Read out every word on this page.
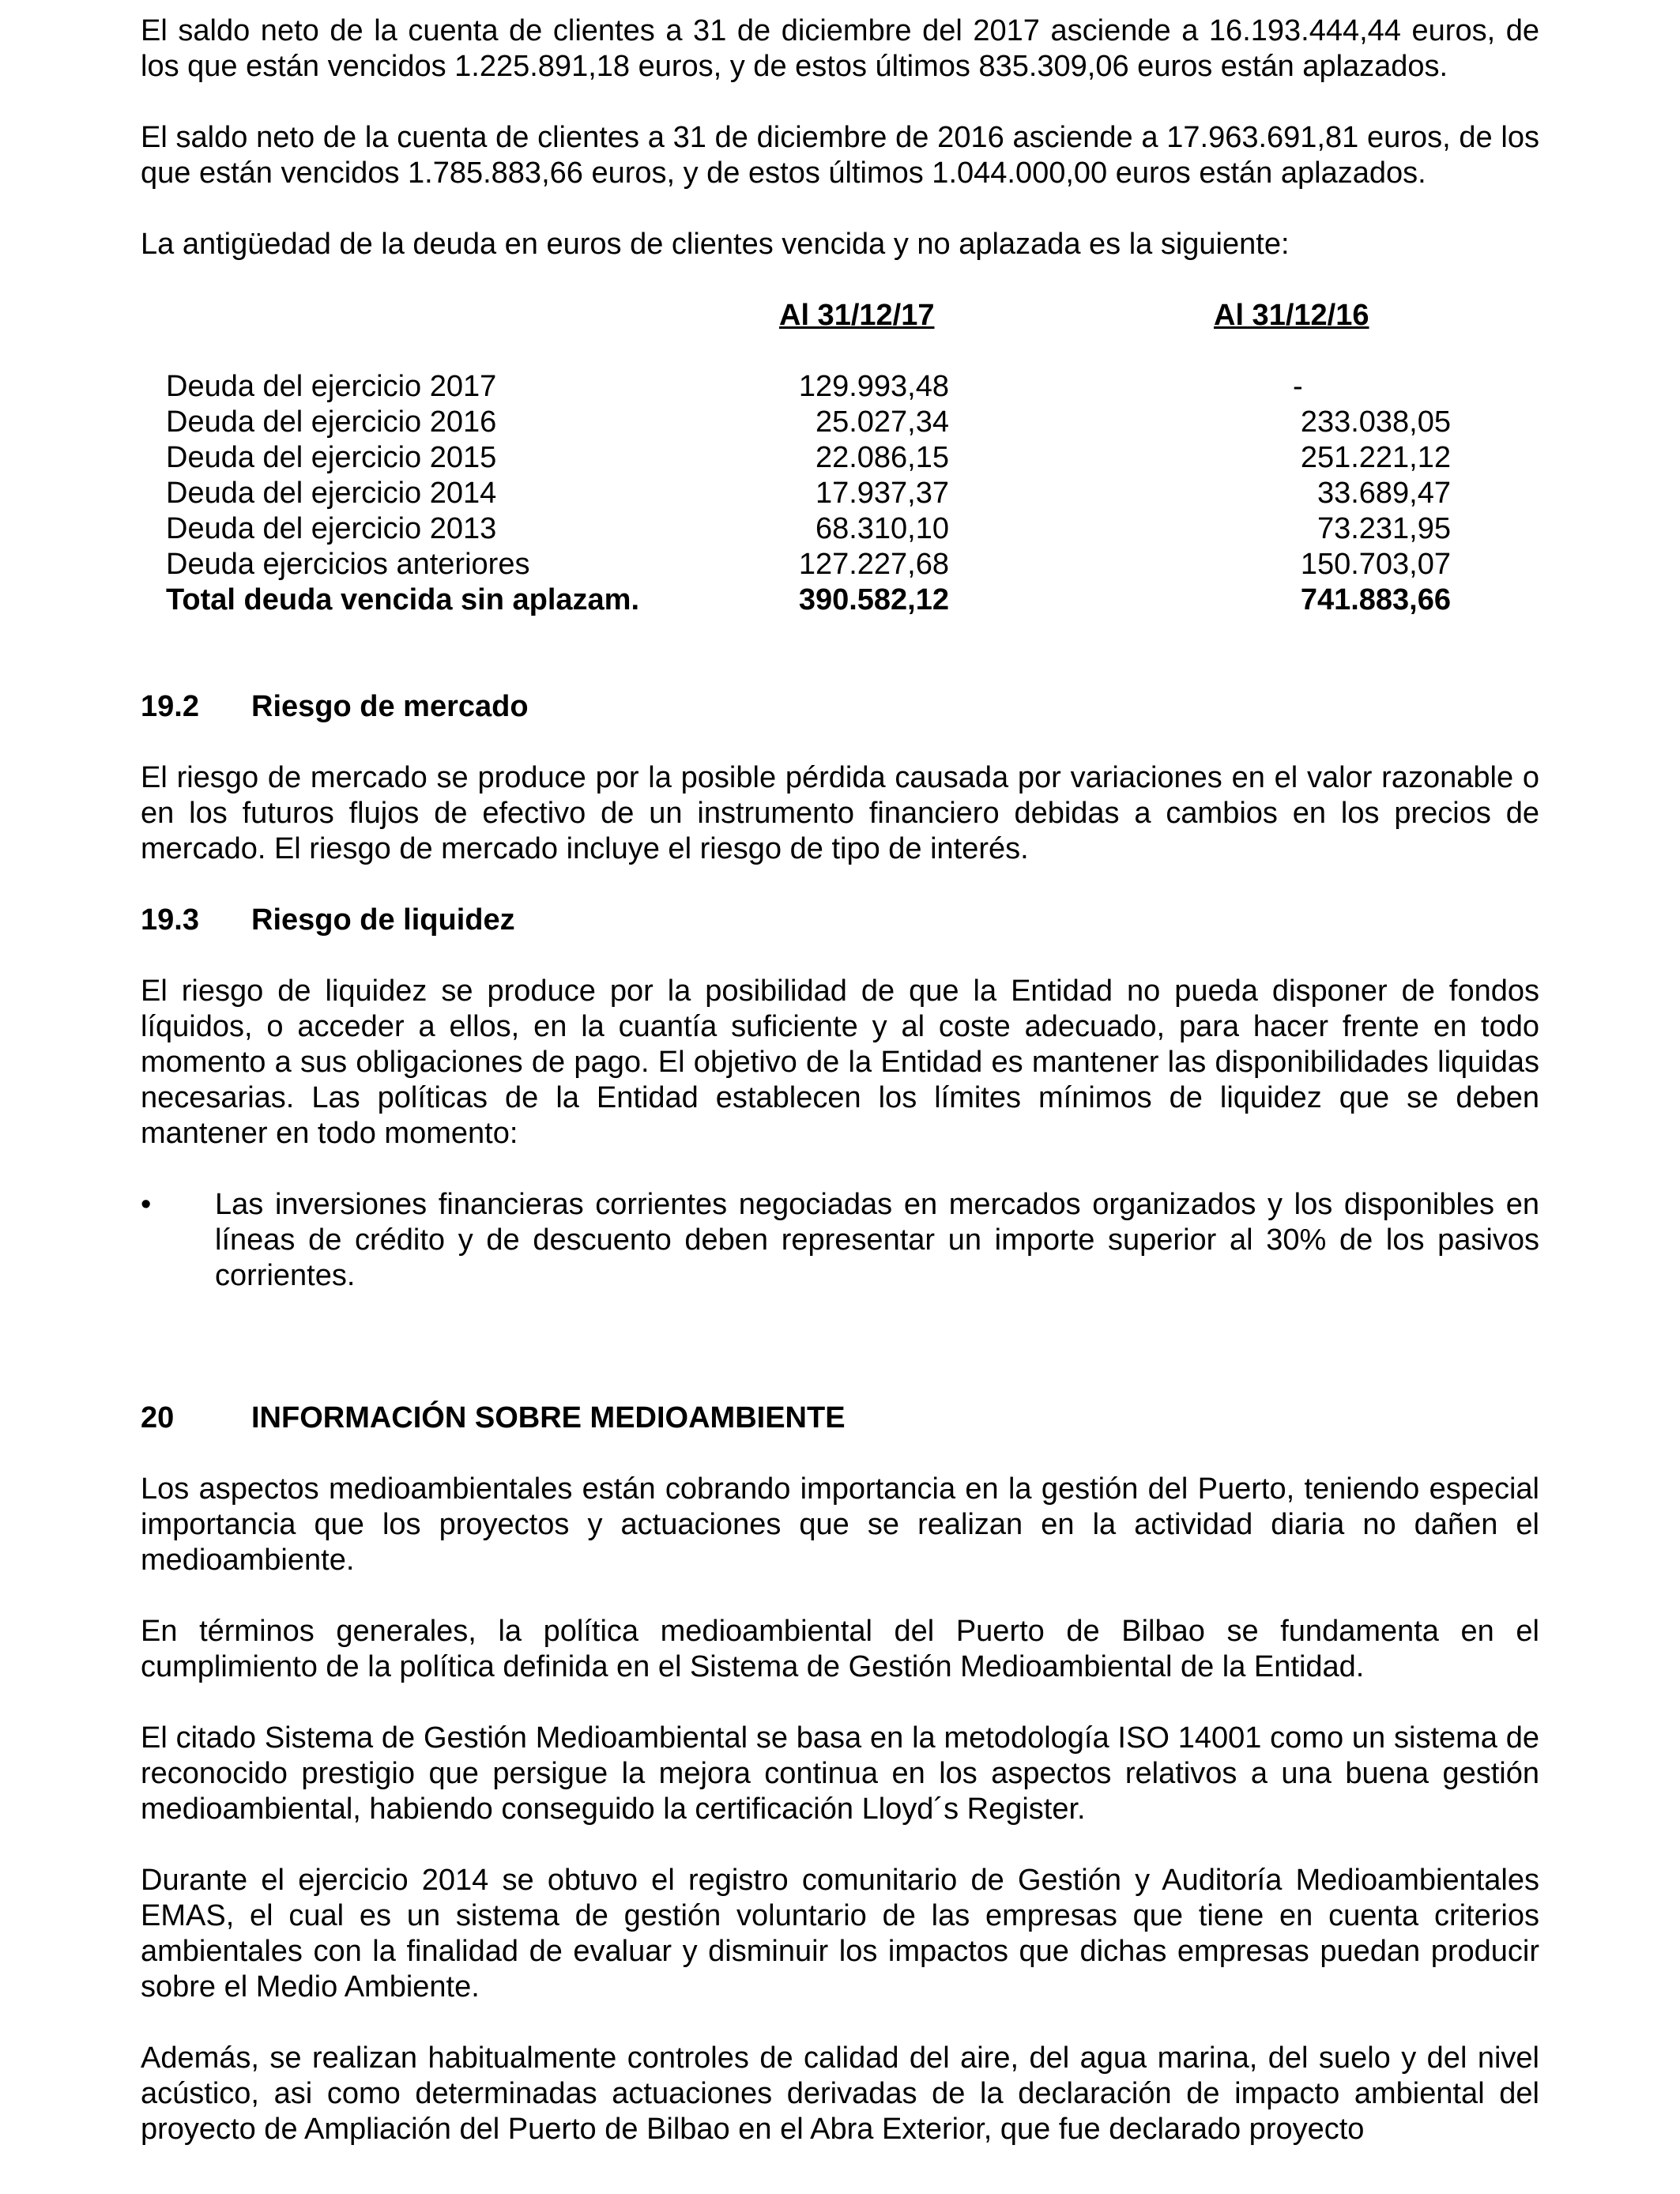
El saldo neto de la cuenta de clientes a 31 de diciembre del 2017 asciende a 16.193.444,44 euros, de los que están vencidos 1.225.891,18 euros, y de estos últimos 835.309,06 euros están aplazados.

El saldo neto de la cuenta de clientes a 31 de diciembre de 2016 asciende a 17.963.691,81 euros, de los que están vencidos 1.785.883,66 euros, y de estos últimos 1.044.000,00 euros están aplazados.

La antigüedad de la deuda en euros de clientes vencida y no aplazada es la siguiente:

	Al 31/12/17	Al 31/12/16

Deuda del ejercicio 2017	129.993,48	-
Deuda del ejercicio 2016	25.027,34	233.038,05
Deuda del ejercicio 2015	22.086,15	251.221,12
Deuda del ejercicio 2014	17.937,37	33.689,47
Deuda del ejercicio 2013	68.310,10	73.231,95
Deuda ejercicios anteriores	127.227,68	150.703,07
Total deuda vencida sin aplazam.	390.582,12	741.883,66
19.2	Riesgo de mercado

El riesgo de mercado se produce por la posible pérdida causada por variaciones en el valor razonable o en los futuros flujos de efectivo de un instrumento financiero debidas a cambios en los precios de mercado. El riesgo de mercado incluye el riesgo de tipo de interés.

19.3	Riesgo de liquidez

El riesgo de liquidez se produce por la posibilidad de que la Entidad no pueda disponer de fondos líquidos, o acceder a ellos, en la cuantía suficiente y al coste adecuado, para hacer frente en todo momento a sus obligaciones de pago. El objetivo de la Entidad es mantener las disponibilidades liquidas necesarias. Las políticas de la Entidad establecen los límites mínimos de liquidez que se deben mantener en todo momento:

•	Las inversiones financieras corrientes negociadas en mercados organizados y los disponibles en líneas de crédito y de descuento deben representar un importe superior al 30% de los pasivos corrientes.

20	INFORMACIÓN SOBRE MEDIOAMBIENTE

Los aspectos medioambientales están cobrando importancia en la gestión del Puerto, teniendo especial importancia que los proyectos y actuaciones que se realizan en la actividad diaria no dañen el medioambiente.

En términos generales, la política medioambiental del Puerto de Bilbao se fundamenta en el cumplimiento de la política definida en el Sistema de Gestión Medioambiental de la Entidad.

El citado Sistema de Gestión Medioambiental se basa en la metodología ISO 14001 como un sistema de reconocido prestigio que persigue la mejora continua en los aspectos relativos a una buena gestión medioambiental, habiendo conseguido la certificación Lloyd´s Register.

Durante el ejercicio 2014 se obtuvo el registro comunitario de Gestión y Auditoría Medioambientales EMAS, el cual es un sistema de gestión voluntario de las empresas que tiene en cuenta criterios ambientales con la finalidad de evaluar y disminuir los impactos que dichas empresas puedan producir sobre el Medio Ambiente.

Además, se realizan habitualmente controles de calidad del aire, del agua marina, del suelo y del nivel acústico, asi como determinadas actuaciones derivadas de la declaración de impacto ambiental del proyecto de Ampliación del Puerto de Bilbao en el Abra Exterior, que fue declarado proyecto
